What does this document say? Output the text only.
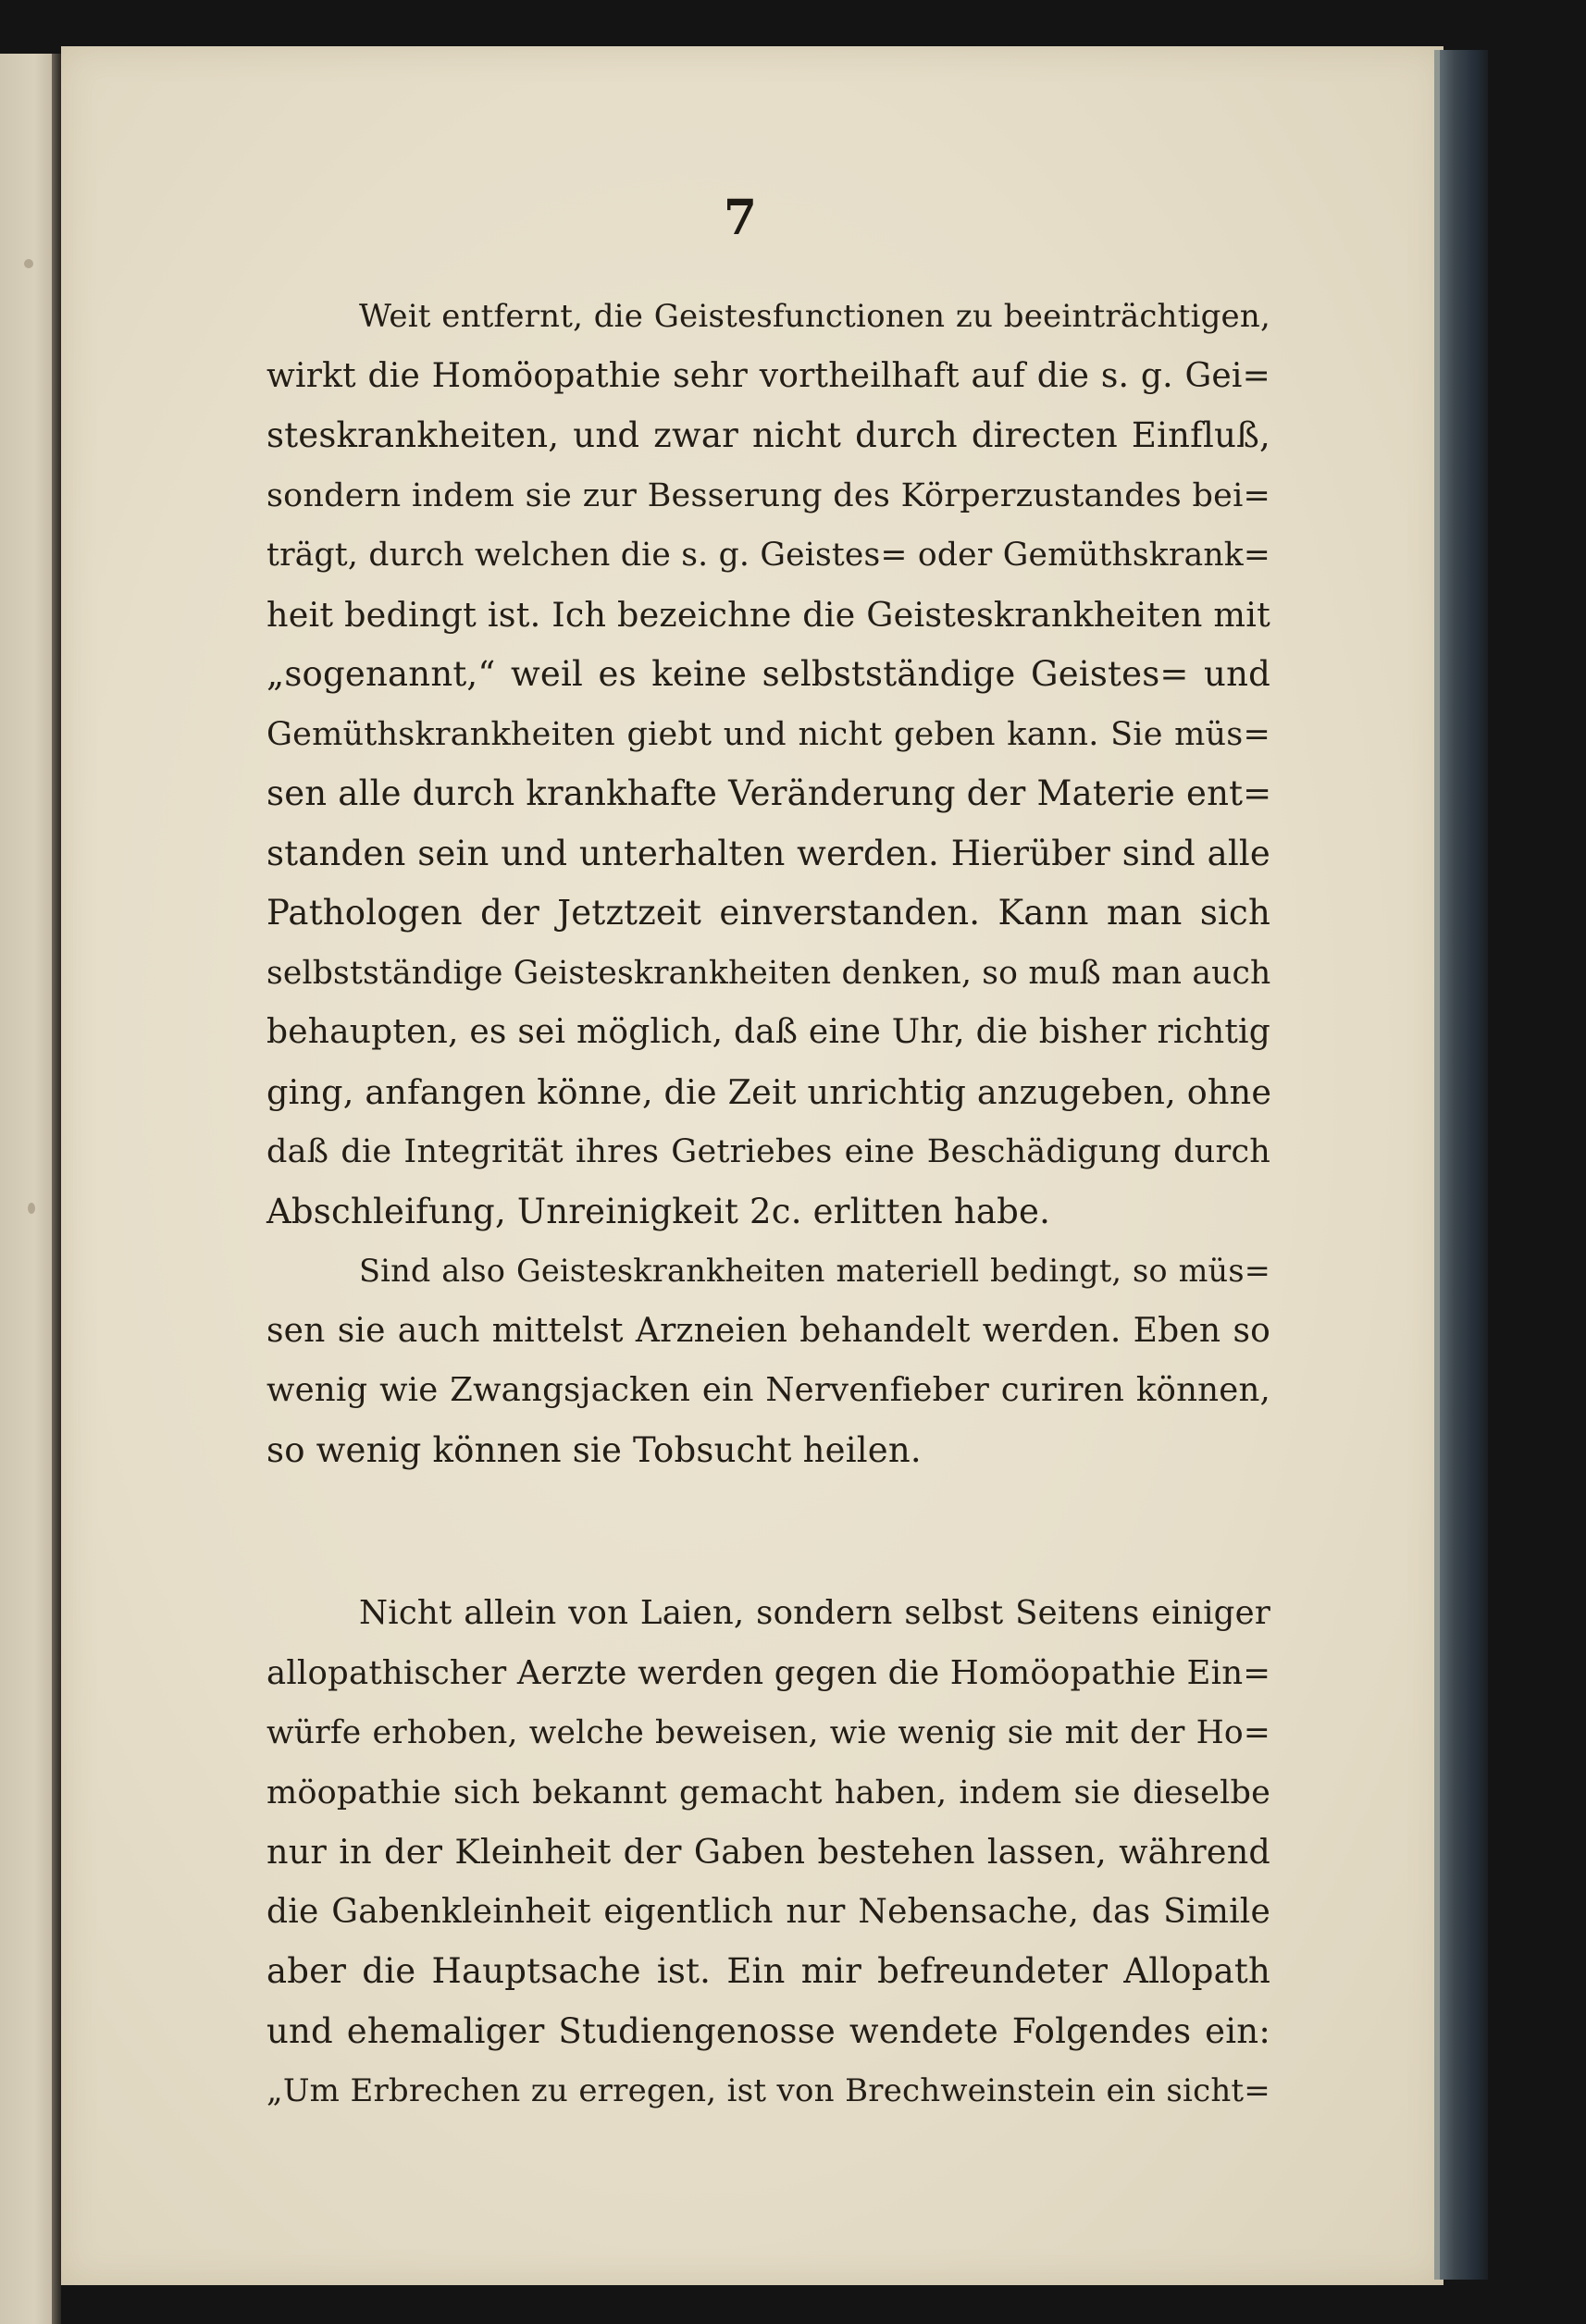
7
Weit entfernt, die Geistesfunctionen zu beeinträchtigen,
wirkt die Homöopathie sehr vortheilhaft auf die s. g. Gei=
steskrankheiten, und zwar nicht durch directen Einfluß,
sondern indem sie zur Besserung des Körperzustandes bei=
trägt, durch welchen die s. g. Geistes= oder Gemüthskrank=
heit bedingt ist. Ich bezeichne die Geisteskrankheiten mit
„sogenannt,“ weil es keine selbstständige Geistes= und
Gemüthskrankheiten giebt und nicht geben kann. Sie müs=
sen alle durch krankhafte Veränderung der Materie ent=
standen sein und unterhalten werden. Hierüber sind alle
Pathologen der Jetztzeit einverstanden. Kann man sich
selbstständige Geisteskrankheiten denken, so muß man auch
behaupten, es sei möglich, daß eine Uhr, die bisher richtig
ging, anfangen könne, die Zeit unrichtig anzugeben, ohne
daß die Integrität ihres Getriebes eine Beschädigung durch
Abschleifung, Unreinigkeit 2c. erlitten habe.
Sind also Geisteskrankheiten materiell bedingt, so müs=
sen sie auch mittelst Arzneien behandelt werden. Eben so
wenig wie Zwangsjacken ein Nervenfieber curiren können,
so wenig können sie Tobsucht heilen.
Nicht allein von Laien, sondern selbst Seitens einiger
allopathischer Aerzte werden gegen die Homöopathie Ein=
würfe erhoben, welche beweisen, wie wenig sie mit der Ho=
möopathie sich bekannt gemacht haben, indem sie dieselbe
nur in der Kleinheit der Gaben bestehen lassen, während
die Gabenkleinheit eigentlich nur Nebensache, das Simile
aber die Hauptsache ist. Ein mir befreundeter Allopath
und ehemaliger Studiengenosse wendete Folgendes ein:
„Um Erbrechen zu erregen, ist von Brechweinstein ein sicht=
